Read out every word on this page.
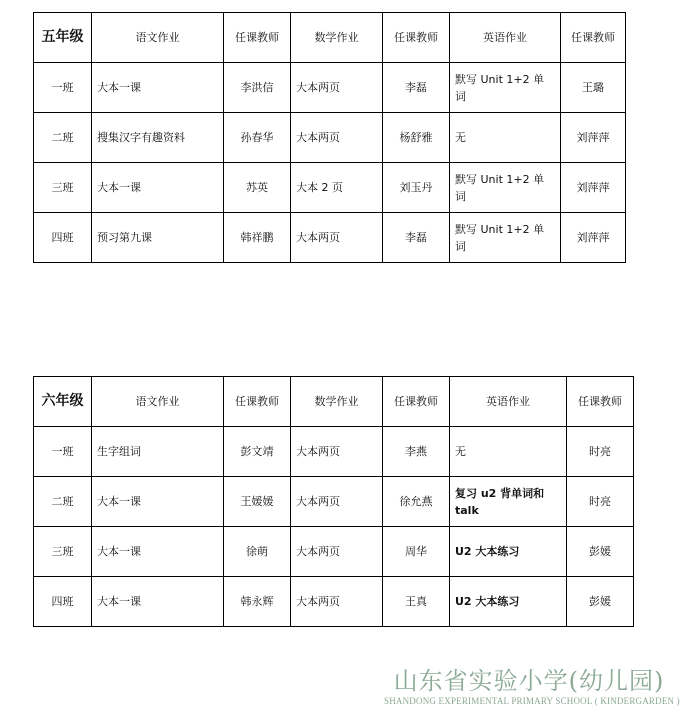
五年级	语文作业	任课教师	数学作业	任课教师	英语作业	任课教师
一班	大本一课	李洪信	大本两页	李磊	默写 Unit 1+2 单词	王璐
二班	搜集汉字有趣资料	孙春华	大本两页	杨舒雅	无	刘萍萍
三班	大本一课	苏英	大本 2 页	刘玉丹	默写 Unit 1+2 单词	刘萍萍
四班	预习第九课	韩祥鹏	大本两页	李磊	默写 Unit 1+2 单词	刘萍萍
六年级	语文作业	任课教师	数学作业	任课教师	英语作业	任课教师
一班	生字组词	彭文靖	大本两页	李燕	无	时亮
二班	大本一课	王媛媛	大本两页	徐允燕	复习 u2 背单词和 talk	时亮
三班	大本一课	徐萌	大本两页	周华	U2 大本练习	彭媛
四班	大本一课	韩永辉	大本两页	王真	U2 大本练习	彭媛
山东省实验小学(幼儿园)
SHANDONG EXPERIMENTAL PRIMARY SCHOOL ( KINDERGARDEN )
